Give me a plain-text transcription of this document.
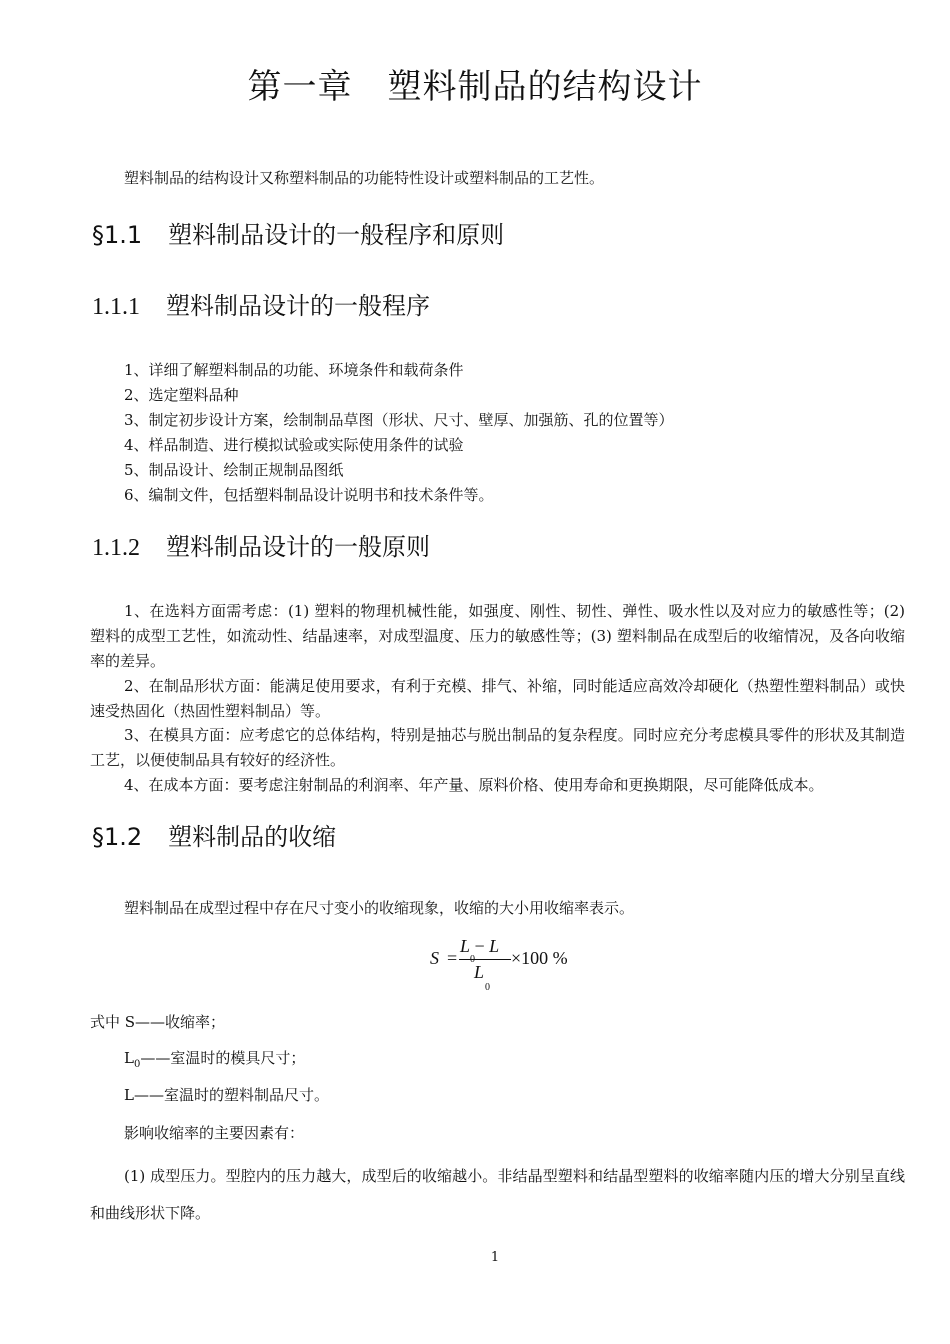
第一章　塑料制品的结构设计

塑料制品的结构设计又称塑料制品的功能特性设计或塑料制品的工艺性。

§1.1 塑料制品设计的一般程序和原则
1.1.1 塑料制品设计的一般程序
1、详细了解塑料制品的功能、环境条件和载荷条件
2、选定塑料品种
3、制定初步设计方案，绘制制品草图（形状、尺寸、壁厚、加强筋、孔的位置等）
4、样品制造、进行模拟试验或实际使用条件的试验
5、制品设计、绘制正规制品图纸
6、编制文件，包括塑料制品设计说明书和技术条件等。
1.1.2 塑料制品设计的一般原则

1、在选料方面需考虑：(1) 塑料的物理机械性能，如强度、刚性、韧性、弹性、吸水性以及对应力的敏感性等；(2) 塑料的成型工艺性，如流动性、结晶速率，对成型温度、压力的敏感性等；(3) 塑料制品在成型后的收缩情况，及各向收缩率的差异。

2、在制品形状方面：能满足使用要求，有利于充模、排气、补缩，同时能适应高效冷却硬化（热塑性塑料制品）或快速受热固化（热固性塑料制品）等。

3、在模具方面：应考虑它的总体结构，特别是抽芯与脱出制品的复杂程度。同时应充分考虑模具零件的形状及其制造工艺，以便使制品具有较好的经济性。

4、在成本方面：要考虑注射制品的利润率、年产量、原料价格、使用寿命和更换期限，尽可能降低成本。

§1.2 塑料制品的收缩

塑料制品在成型过程中存在尺寸变小的收缩现象，收缩的大小用收缩率表示。

S =
L − L
L
0
×100 %

式中 S——收缩率；

$L_0——$室温时的模具尺寸；

L——室温时的塑料制品尺寸。

影响收缩率的主要因素有：

(1) 成型压力。型腔内的压力越大，成型后的收缩越小。非结晶型塑料和结晶型塑料的收缩率随内压的增大分别呈直线和曲线形状下降。

1
